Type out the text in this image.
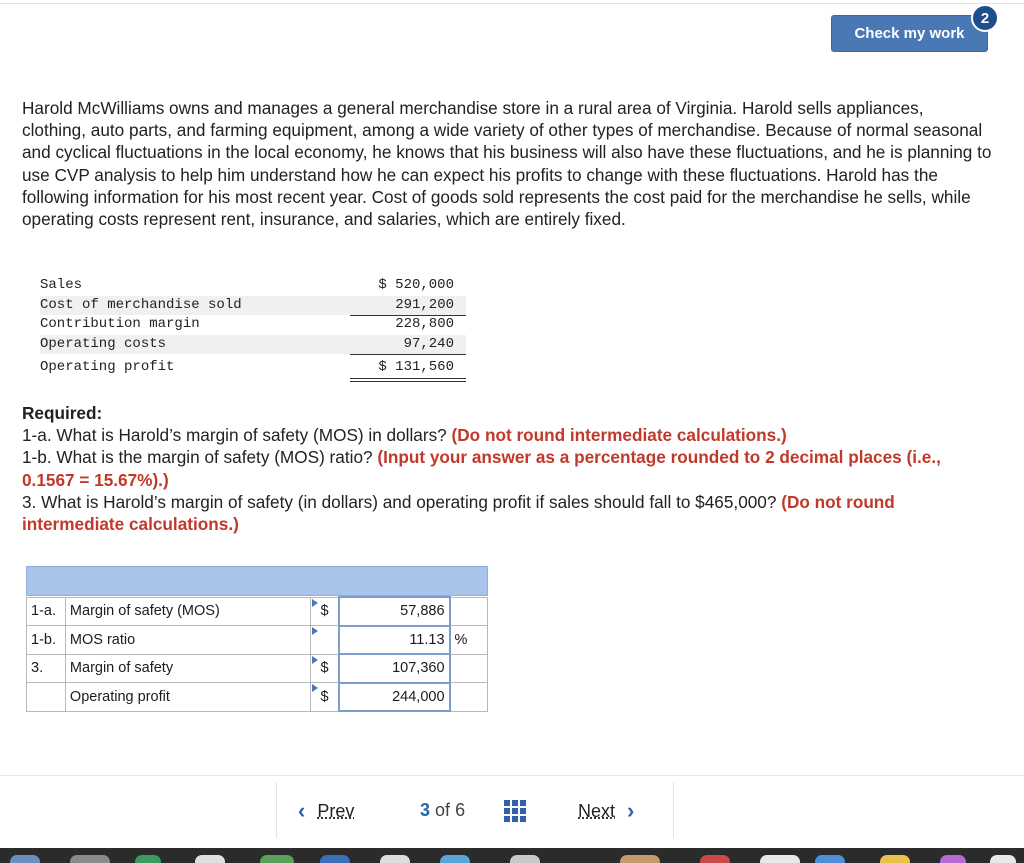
Check my work
2

Harold McWilliams owns and manages a general merchandise store in a rural area of Virginia. Harold sells appliances, clothing, auto parts, and farming equipment, among a wide variety of other types of merchandise. Because of normal seasonal and cyclical fluctuations in the local economy, he knows that his business will also have these fluctuations, and he is planning to use CVP analysis to help him understand how he can expect his profits to change with these fluctuations. Harold has the following information for his most recent year. Cost of goods sold represents the cost paid for the merchandise he sells, while operating costs represent rent, insurance, and salaries, which are entirely fixed.

Sales	$ 520,000
Cost of merchandise sold	291,200
Contribution margin	228,800
Operating costs	97,240
Operating profit	$ 131,560
Required:
1-a. What is Harold’s margin of safety (MOS) in dollars? (Do not round intermediate calculations.)
1-b. What is the margin of safety (MOS) ratio? (Input your answer as a percentage rounded to 2 decimal places (i.e., 0.1567 = 15.67%).)
3. What is Harold’s margin of safety (in dollars) and operating profit if sales should fall to $465,000? (Do not round intermediate calculations.)
1-a.	Margin of safety (MOS)	$	57,886	
1-b.	MOS ratio		11.13	%
3.	Margin of safety	$	107,360	
	Operating profit	$	244,000	
‹ Prev	3 of 6	Next ›
